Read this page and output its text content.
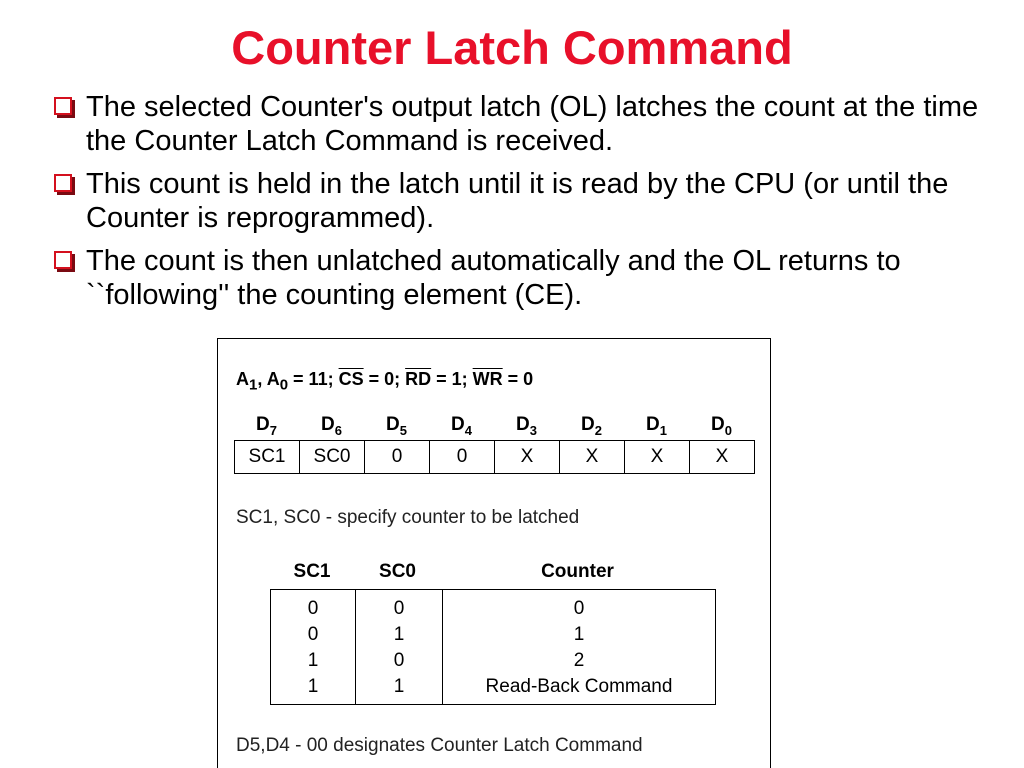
Counter Latch Command
The selected Counter's output latch (OL) latches the count at the time the Counter Latch Command is received.
This count is held in the latch until it is read by the CPU (or until the Counter is reprogrammed).
The count is then unlatched automatically and the OL returns to ``following'' the counting element (CE).
$A_1$, $A_0 = 11$; $\overline{CS} = 0$; $\overline{RD} = 1$; $\overline{WR} = 0$
$D_7$	$D_6$	$D_5$	$D_4$	$D_3$	$D_2$	$D_1$	$D_0$
SC1	SC0	0	0	X	X	X	X
SC1, SC0 - specify counter to be latched
SC1	SC0	Counter
0	0	0
0	1	1
1	0	2
1	1	Read-Back Command
D5,D4 - 00 designates Counter Latch Command
